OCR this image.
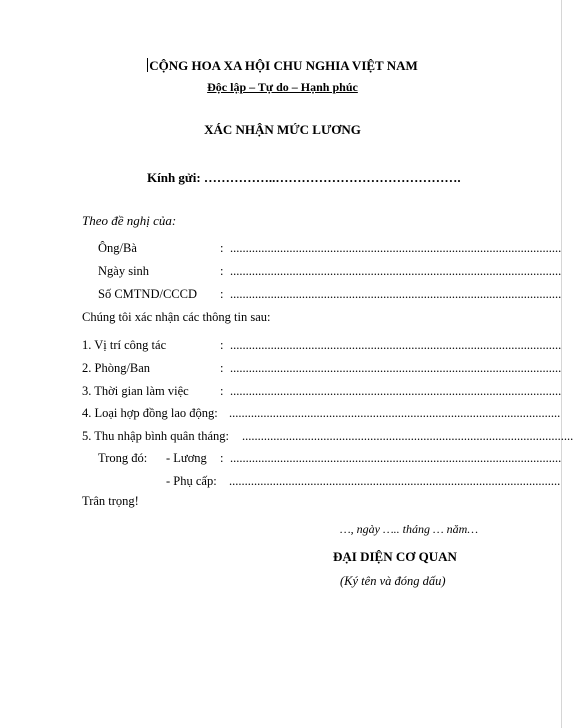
CỘNG HOA XA HỘI CHU NGHIA VIỆT NAM
Độc lập – Tự do – Hạnh phúc
XÁC NHẬN MỨC LƯƠNG
Kính gửi: ……………..…………………………………….
Theo đề nghị của:
Ông/Bà	: ..........................................................................................................
Ngày sinh	: ..........................................................................................................
Số CMTND/CCCD : ..........................................................................................................
Chúng tôi xác nhận các thông tin sau:
1. Vị trí công tác	: ..........................................................................................................
2. Phòng/Ban	: ..........................................................................................................
3. Thời gian làm việc	: ..........................................................................................................
4. Loại hợp đồng lao động: ..........................................................................................................
5. Thu nhập bình quân tháng: ..........................................................................................................
Trong đó: - Lương : ..........................................................................................................
- Phụ cấp: ..........................................................................................................
Trân trọng!
…, ngày ….. tháng … năm…
ĐẠI DIỆN CƠ QUAN
(Ký tên và đóng dấu)
